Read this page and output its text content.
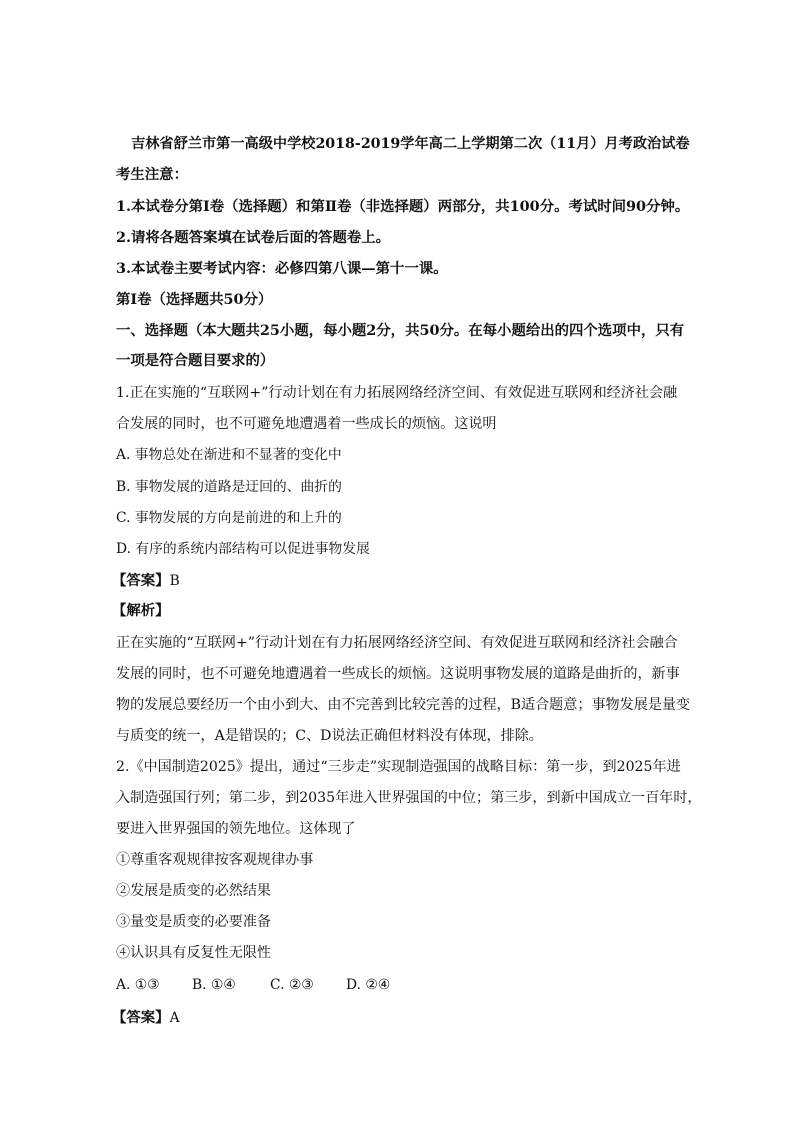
吉林省舒兰市第一高级中学校2018-2019学年高二上学期第二次（11月）月考政治试卷
考生注意：
1.本试卷分第Ⅰ卷（选择题）和第Ⅱ卷（非选择题）两部分，共100分。考试时间90分钟。
2.请将各题答案填在试卷后面的答题卷上。
3.本试卷主要考试内容：必修四第八课—第十一课。
第Ⅰ卷（选择题共50分）
一、选择题（本大题共25小题，每小题2分，共50分。在每小题给出的四个选项中，只有
一项是符合题目要求的）
1.正在实施的“互联网+”行动计划在有力拓展网络经济空间、有效促进互联网和经济社会融
合发展的同时，也不可避免地遭遇着一些成长的烦恼。这说明
A. 事物总处在渐进和不显著的变化中
B. 事物发展的道路是迂回的、曲折的
C. 事物发展的方向是前进的和上升的
D. 有序的系统内部结构可以促进事物发展
【答案】B
【解析】
正在实施的“互联网+”行动计划在有力拓展网络经济空间、有效促进互联网和经济社会融合
发展的同时，也不可避免地遭遇着一些成长的烦恼。这说明事物发展的道路是曲折的，新事
物的发展总要经历一个由小到大、由不完善到比较完善的过程，B适合题意；事物发展是量变
与质变的统一，A是错误的；C、D说法正确但材料没有体现，排除。
2.《中国制造2025》提出，通过“三步走”实现制造强国的战略目标：第一步，到2025年进
入制造强国行列；第二步，到2035年进入世界强国的中位；第三步，到新中国成立一百年时，
要进入世界强国的领先地位。这体现了
①尊重客观规律按客观规律办事
②发展是质变的必然结果
③量变是质变的必要准备
④认识具有反复性无限性
A. ①③ B. ①④ C. ②③ D. ②④
【答案】A
